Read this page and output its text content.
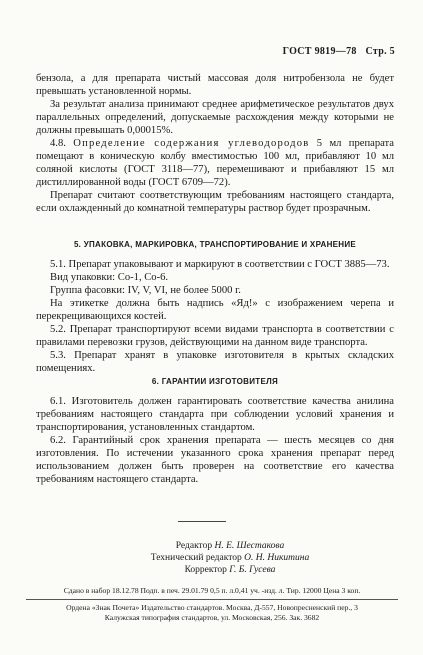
ГОСТ 9819—78 Стр. 5

бензола, а для препарата чистый массовая доля нитробензола не будет превышать установленной нормы.

За результат анализа принимают среднее арифметическое результатов двух параллельных определений, допускаемые расхождения между которыми не должны превышать 0,00015%.

4.8. Определение содержания углеводородов 5 мл препарата помещают в коническую колбу вместимостью 100 мл, прибавляют 10 мл соляной кислоты (ГОСТ 3118—77), перемешивают и прибавляют 15 мл дистиллированной воды (ГОСТ 6709—72).

Препарат считают соответствующим требованиям настоящего стандарта, если охлажденный до комнатной температуры раствор будет прозрачным.

5. УПАКОВКА, МАРКИРОВКА, ТРАНСПОРТИРОВАНИЕ И ХРАНЕНИЕ

5.1. Препарат упаковывают и маркируют в соответствии с ГОСТ 3885—73.

Вид упаковки: Со-1, Со-6.

Группа фасовки: IV, V, VI, не более 5000 г.

На этикетке должна быть надпись «Яд!» с изображением черепа и перекрещивающихся костей.

5.2. Препарат транспортируют всеми видами транспорта в соответствии с правилами перевозки грузов, действующими на данном виде транспорта.

5.3. Препарат хранят в упаковке изготовителя в крытых складских помещениях.

6. ГАРАНТИИ ИЗГОТОВИТЕЛЯ

6.1. Изготовитель должен гарантировать соответствие качества анилина требованиям настоящего стандарта при соблюдении условий хранения и транспортирования, установленных стандартом.

6.2. Гарантийный срок хранения препарата — шесть месяцев со дня изготовления. По истечении указанного срока хранения препарат перед использованием должен быть проверен на соответствие его качества требованиям настоящего стандарта.

Редактор Н. Е. Шестакова
Технический редактор О. Н. Никитина
Корректор Г. Б. Гусева
Сдано в набор 18.12.78 Подп. в печ. 29.01.79 0,5 п. л.0,41 уч. -изд. л. Тир. 12000 Цена 3 коп.
Ордена «Знак Почета» Издательство стандартов. Москва, Д-557, Новопресненский пер., 3
Калужская типография стандартов, ул. Московская, 256. Зак. 3682
